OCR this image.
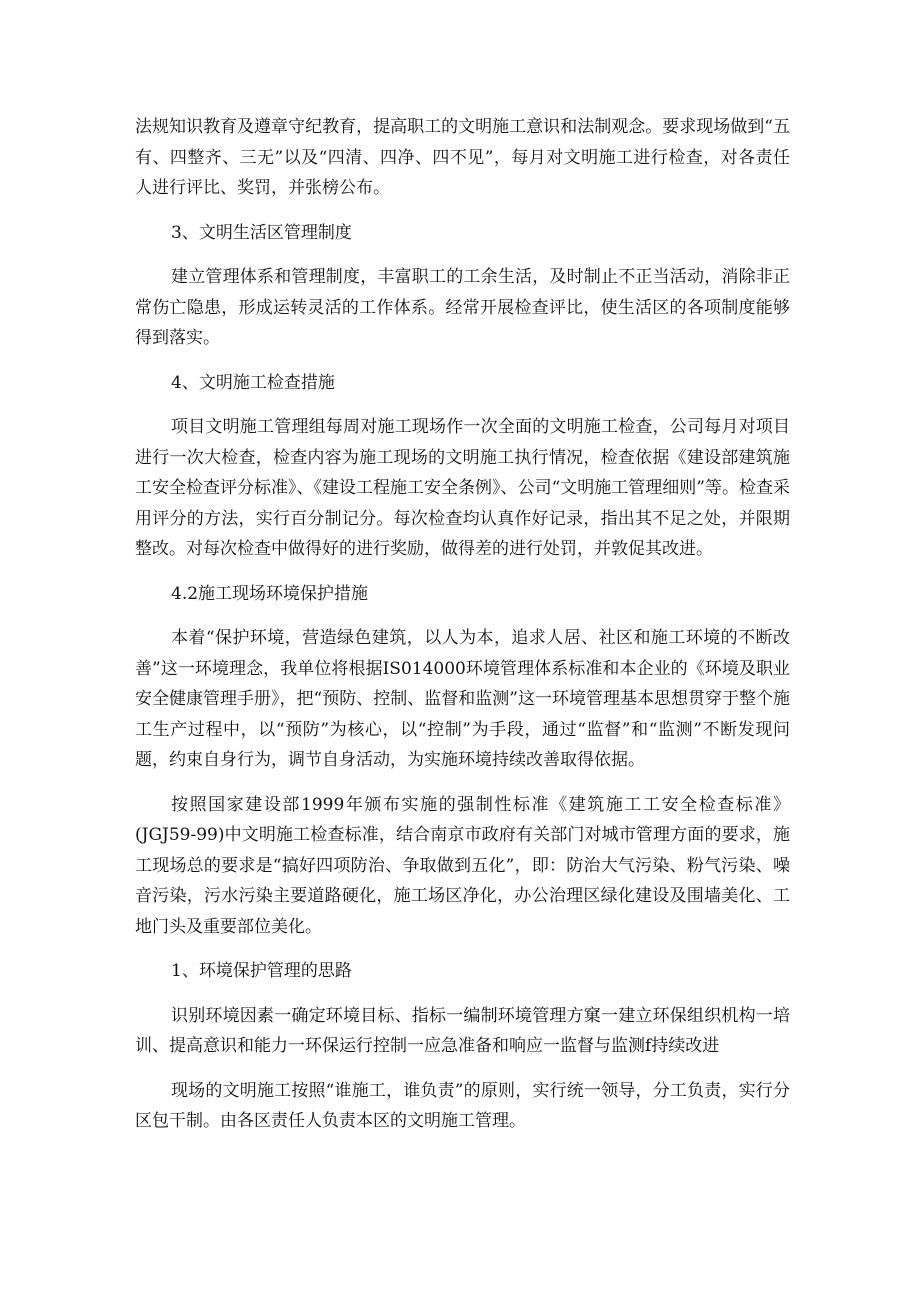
法规知识教育及遵章守纪教育，提高职工的文明施工意识和法制观念。要求现场做到“五有、四整齐、三无”以及“四清、四净、四不见”，每月对文明施工进行检查，对各责任人进行评比、奖罚，并张榜公布。

3、文明生活区管理制度

建立管理体系和管理制度，丰富职工的工余生活，及时制止不正当活动，消除非正常伤亡隐患，形成运转灵活的工作体系。经常开展检查评比，使生活区的各项制度能够得到落实。

4、文明施工检查措施

项目文明施工管理组每周对施工现场作一次全面的文明施工检查，公司每月对项目进行一次大检查，检查内容为施工现场的文明施工执行情况，检查依据《建设部建筑施工安全检查评分标准》、《建设工程施工安全条例》、公司“文明施工管理细则”等。检查采用评分的方法，实行百分制记分。每次检查均认真作好记录，指出其不足之处，并限期整改。对每次检查中做得好的进行奖励，做得差的进行处罚，并敦促其改进。

4.2施工现场环境保护措施

本着“保护环境，营造绿色建筑，以人为本，追求人居、社区和施工环境的不断改善”这一环境理念，我单位将根据IS014000环境管理体系标准和本企业的《环境及职业安全健康管理手册》，把“预防、控制、监督和监测”这一环境管理基本思想贯穿于整个施工生产过程中，以“预防”为核心，以“控制”为手段，通过“监督”和“监测”不断发现问题，约束自身行为，调节自身活动，为实施环境持续改善取得依据。

按照国家建设部1999年颁布实施的强制性标准《建筑施工工安全检查标准》(JGJ59-99)中文明施工检查标准，结合南京市政府有关部门对城市管理方面的要求，施工现场总的要求是“搞好四项防治、争取做到五化”，即：防治大气污染、粉气污染、噪音污染，污水污染主要道路硬化，施工场区净化，办公治理区绿化建设及围墙美化、工地门头及重要部位美化。

1、环境保护管理的思路

识别环境因素一确定环境目标、指标一编制环境管理方窠一建立环保组织机构一培训、提高意识和能力一环保运行控制一应急准备和响应一监督与监测f持续改进

现场的文明施工按照“谁施工，谁负责”的原则，实行统一领导，分工负责，实行分区包干制。由各区责任人负责本区的文明施工管理。
